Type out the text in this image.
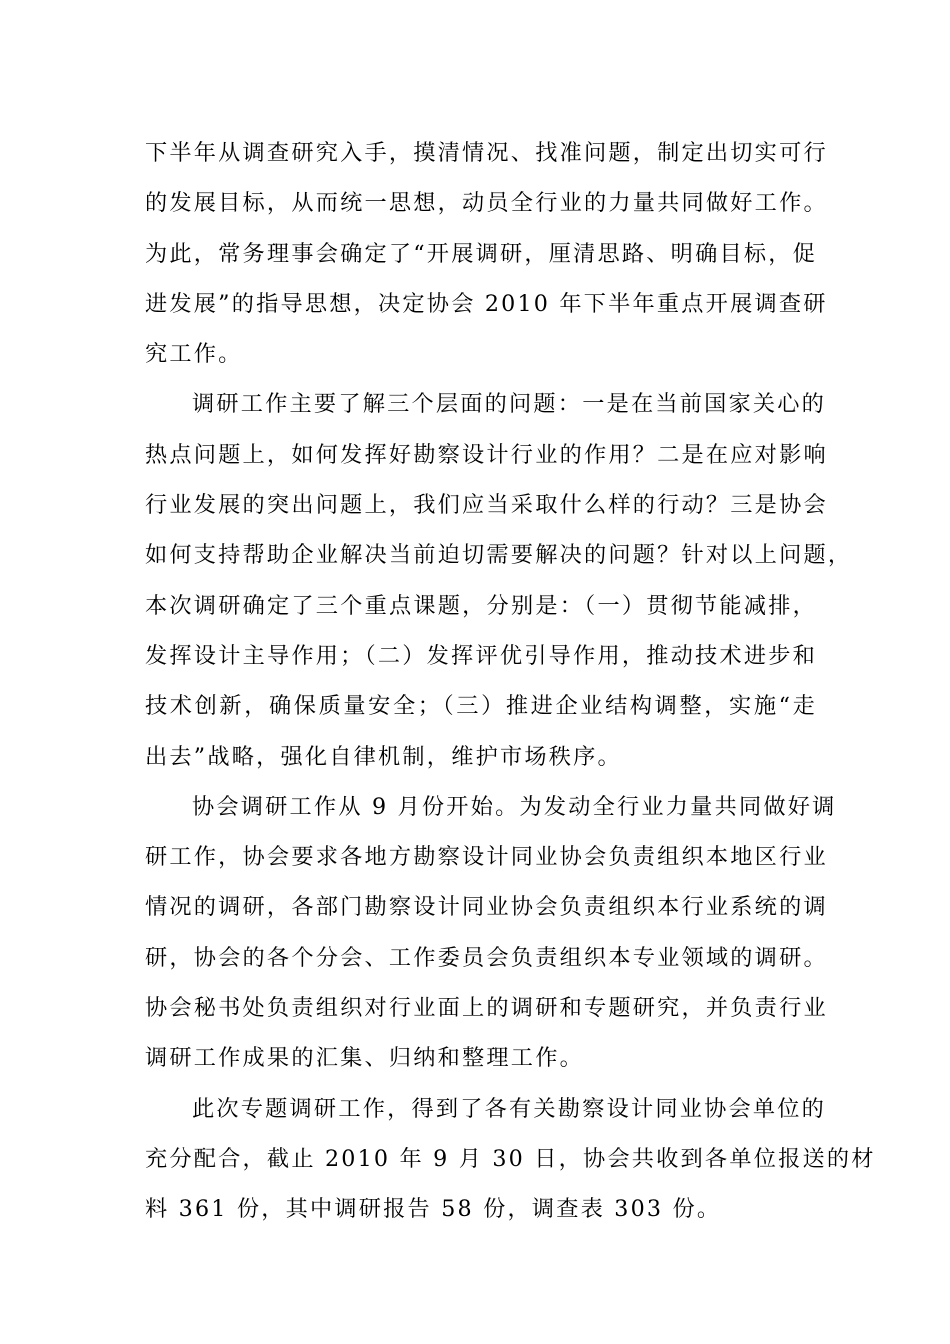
下半年从调查研究入手，摸清情况、找准问题，制定出切实可行
的发展目标，从而统一思想，动员全行业的力量共同做好工作。
为此，常务理事会确定了“开展调研，厘清思路、明确目标，促
进发展”的指导思想，决定协会 2010 年下半年重点开展调查研
究工作。
调研工作主要了解三个层面的问题：一是在当前国家关心的
热点问题上，如何发挥好勘察设计行业的作用？二是在应对影响
行业发展的突出问题上，我们应当采取什么样的行动？三是协会
如何支持帮助企业解决当前迫切需要解决的问题？针对以上问题，
本次调研确定了三个重点课题，分别是：（一）贯彻节能减排，
发挥设计主导作用；（二）发挥评优引导作用，推动技术进步和
技术创新，确保质量安全；（三）推进企业结构调整，实施“走
出去”战略，强化自律机制，维护市场秩序。
协会调研工作从 9 月份开始。为发动全行业力量共同做好调
研工作，协会要求各地方勘察设计同业协会负责组织本地区行业
情况的调研，各部门勘察设计同业协会负责组织本行业系统的调
研，协会的各个分会、工作委员会负责组织本专业领域的调研。
协会秘书处负责组织对行业面上的调研和专题研究，并负责行业
调研工作成果的汇集、归纳和整理工作。
此次专题调研工作，得到了各有关勘察设计同业协会单位的
充分配合，截止 2010 年 9 月 30 日，协会共收到各单位报送的材
料 361 份，其中调研报告 58 份，调查表 303 份。
